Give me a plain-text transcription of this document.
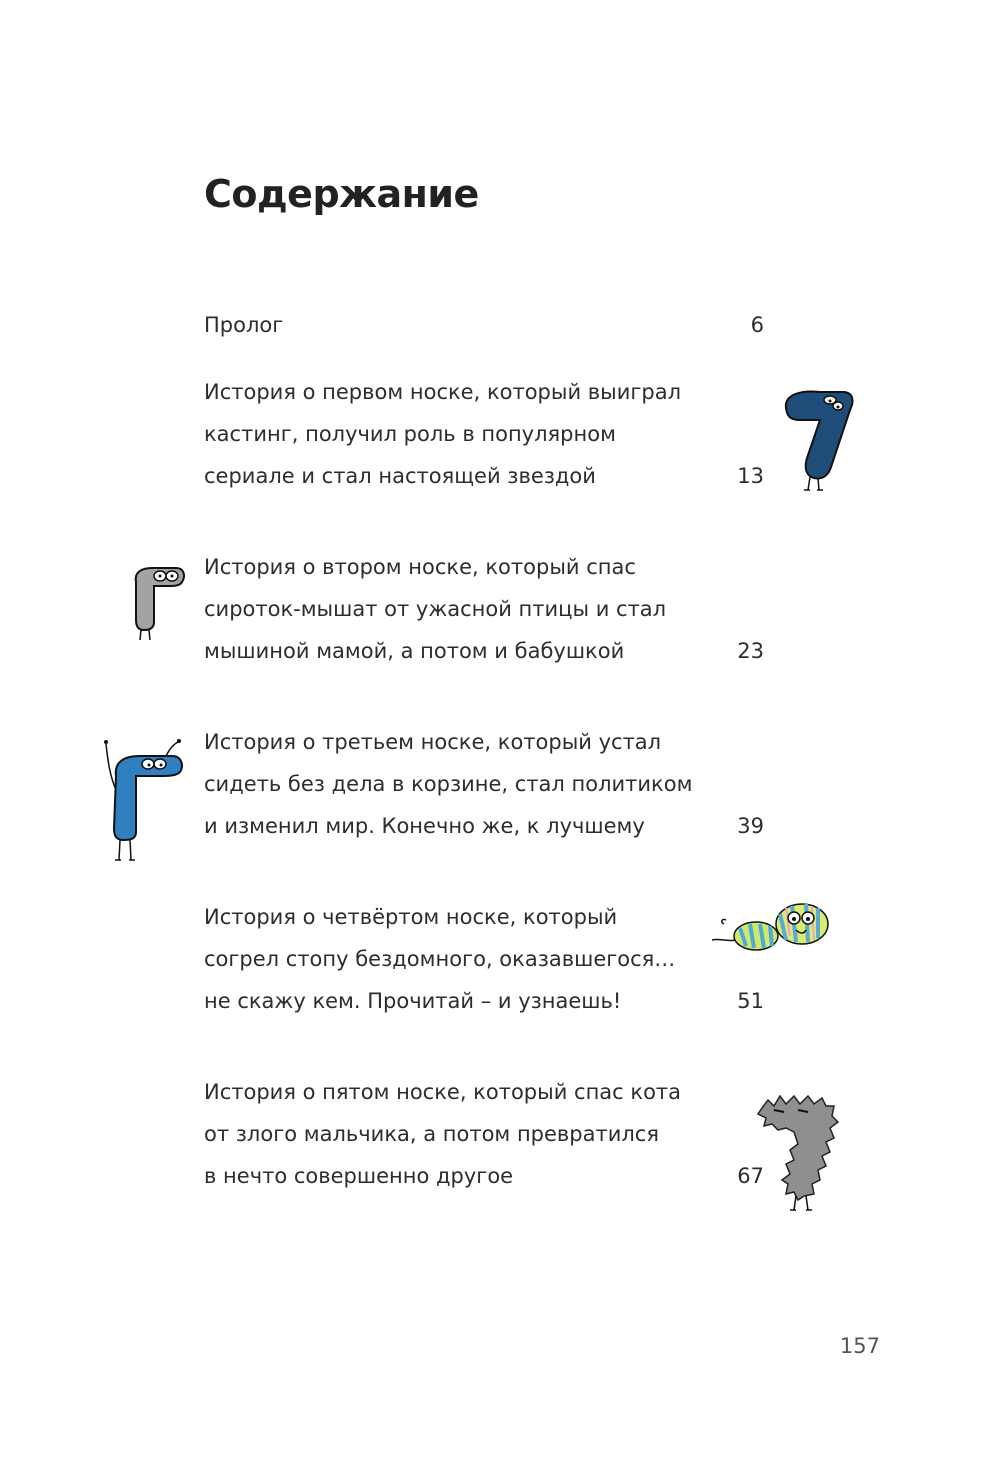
Содержание
Пролог	6
История о первом носке, который выиграл
кастинг, получил роль в популярном
сериале и стал настоящей звездой	13
История о втором носке, который спас
сироток-мышат от ужасной птицы и стал
мышиной мамой, а потом и бабушкой	23
История о третьем носке, который устал
сидеть без дела в корзине, стал политиком
и изменил мир. Конечно же, к лучшему	39
История о четвёртом носке, который
согрел стопу бездомного, оказавшегося…
не скажу кем. Прочитай – и узнаешь!	51
История о пятом носке, который спас кота
от злого мальчика, а потом превратился
в нечто совершенно другое	67
157
